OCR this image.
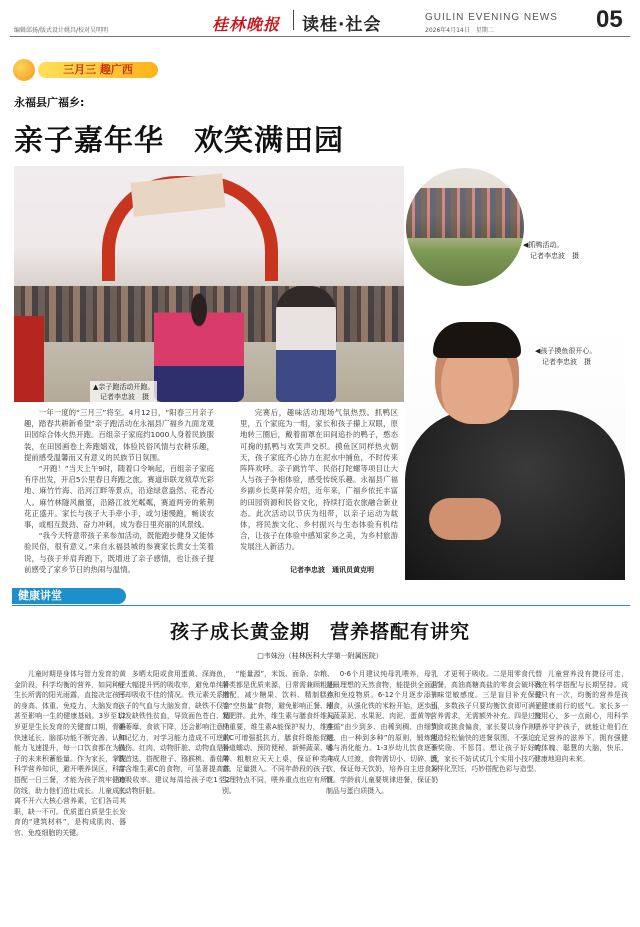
桂林晚报 读桂·社会	GUILIN EVENING NEWS
2026年4月14日　星期二	05
编辑邱扬/版式设计姚昌/校对吴明明
三月三 趣广西
永福县广福乡:
亲子嘉年华　欢笑满田园
▲亲子跑活动开跑。
　记者李忠波　摄
◀抓鸭活动。
　记者李忠波　摄
◀孩子摸鱼很开心。
　记者李忠波　摄

一年一度的“三月三”将至。4月12日，“阳春三月亲子趣，踏春共耕新希望”亲子跑活动在永福县广福乡九面龙观田园综合体火热开跑。百组亲子家庭约1000人身着民族服装，在田园画卷上奔跑嬉戏，体验民俗风情与农耕乐趣，提前感受温馨而又有意义的民族节日氛围。

“开跑！”当天上午9时，随着口令响起，百组亲子家庭有序出发，开启5公里春日奔跑之旅。赛道串联龙须草光彩地、麻竹竹海、沿河江畔等景点，沿途绿意盎然、花香沁人。麻竹林隧风幽篁，沿路江波光粼粼，赛道两旁的紫荆花正盛开。家长与孩子大手牵小手，或匀速慢跑，畅谈农事，或相互鼓劲、奋力冲刺，成为春日里亮丽的风景线。

“我今天特意带孩子来参加活动，既能跑步健身又能体验民俗，很有意义。”来自永福县城的参赛家长黄女士笑着说，与孩子并肩奔跑下，既增进了亲子感情，也让孩子提前感受了家乡节日的热闹与温情。

完赛后，趣味活动现场气氛热烈。抓鸭区里，五个家庭为一组，家长和孩子攥上双眼，原地转三圈后，戴着面罩在田间追扑的鸭子，憨态可掬的抓鸭与欢笑声交织。摸鱼区同样热火朝天，孩子家庭齐心协力在泥水中捕鱼，不时传来阵阵欢呼。亲子跳竹竿、民俗打陀螺等项目让大人与孩子争相体验，感受传统乐趣。永福县广福乡副乡长莫祥荣介绍，近年来，广福乡依托丰富的田园资源和民俗文化，持续打造农旅融合新业态。此次活动以节庆为纽带，以亲子运动为载体，将民族文化、乡村振兴与生态体验有机结合，让孩子在体验中感知家乡之美，为乡村旅游发展注入新活力。

记者李忠波　通讯员黄克明
健康讲堂
孩子成长黄金期　营养搭配有讲究
□韦妹汾（桂林医科大学第一附属医院）

儿童时期是身体与智力发育的黄金阶段，科学均衡的营养，如同种子生长所需的阳光雨露，直接决定孩子的身高、体重、免疫力、大脑发育，甚至影响一生的健康基础。3岁至12岁更是生长发育的关键窗口期，骨骼快速延长、脑部功能不断完善、认知能力飞速提升，每一口饮食都在为孩子的未来积蓄能量。作为家长，掌握科学营养知识，避开喂养误区，科学搭配一日三餐，才能为孩子筑牢健康防线，助力他们茁壮成长。儿童成长离不开六大核心营养素，它们各司其职，缺一不可。优质蛋白质是生长发育的“建筑材料”，是构成肌肉、器官、免疫细胞的关键。

多晒太阳或食用蛋黄、深海鱼，能大幅提升钙的吸收率，避免单纯补钙却吸收不佳的情况。铁元素关系着孩子的气血与大脑发育，缺铁不仅会引发缺铁性贫血，导致面色苍白、精神萎靡、食欲下降，还会影响注意力和记忆力，对学习能力造成不可逆的损伤。红肉、动物肝脏、动物血是补铁首选，搭配橙子、猕猴桃、番茄等富含维生素C的食物，可显著提高铁的吸收率。建议每周给孩子吃1至2次动物肝脏。

“能量源”，米饭、面条、杂粮、薯类都是优质来源，日常需兼顾粗细搭配，减少糖果、饮料、精制糕点等“空热量”食物，避免影响正餐、引发肥胖。此外，维生素与膳食纤维同样重要，维生素A能保护视力，维生素C可增强抵抗力，膳食纤维能促进肠道蠕动、预防便秘，新鲜蔬菜、水果、粗粮应天天上桌，保证种类丰富、足量摄入。不同年龄段的孩子，生理特点不同，喂养重点也应有所区别。

0-6个月建议纯母乳喂养，母乳是最理想的天然食物，能提供全面营养和免疫物质。6-12个月逐步添加辅食，从强化铁的米粉开始，逐步引入蔬菜泥、水果泥、肉泥、蛋黄等，遵循“由少到多、由稀到稠、由细到粗、由一种到多种”的原则，锻炼咀嚼与消化能力。1-3岁幼儿饮食逐渐向成人过渡，食物需切小、切碎、煮软，保证每天饮奶，培养自主进食习惯。学龄前儿童要规律进餐，保证奶制品与蛋白质摄入。

才更利于吸收。二是用零食代替正餐，高油高糖高盐的零食会破坏孩子味觉敏感度。三是盲目补充保健品，多数孩子只要均衡饮食即可满足营养需求，无需额外补充。四是过度节食或挑食偏食，家长要以身作则，营造轻松愉快的进餐氛围，不强迫、不奖励、不惩罚。想让孩子好好吃饭，家长不妨试试几个实用小技巧：多样化烹饪，巧妙搭配色彩与造型。

儿童营养没有捷径可走，贵在科学搭配与长期坚持。成长只有一次，均衡的营养是孩子健康前行的底气。家长多一份用心，多一点耐心，用科学喂养守护孩子，就能让他们在充足营养的滋养下，拥有强健的体魄、聪慧的大脑，快乐、健康地迎向未来。
